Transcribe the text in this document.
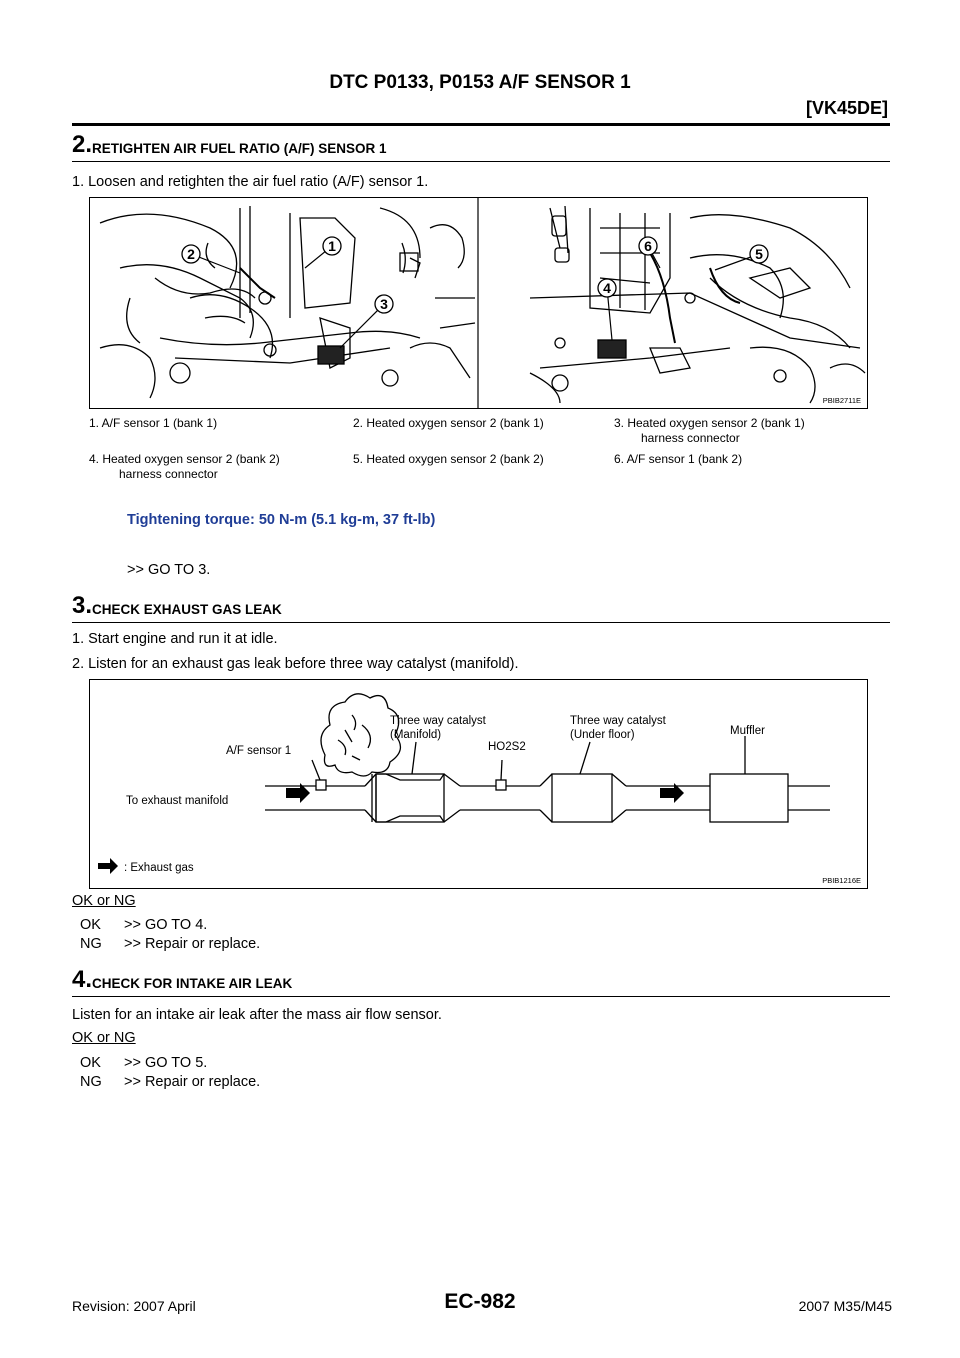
DTC P0133, P0153 A/F SENSOR 1
[VK45DE]
2. RETIGHTEN AIR FUEL RATIO (A/F) SENSOR 1
1. Loosen and retighten the air fuel ratio (A/F) sensor 1.
1
2
3
4
5
6
PBIB2711E
1. A/F sensor 1 (bank 1)	2. Heated oxygen sensor 2 (bank 1)	3. Heated oxygen sensor 2 (bank 1)
harness connector
4. Heated oxygen sensor 2 (bank 2)
harness connector
5. Heated oxygen sensor 2 (bank 2)	6. A/F sensor 1 (bank 2)
Tightening torque: 50 N-m (5.1 kg-m, 37 ft-lb)
>> GO TO 3.
3. CHECK EXHAUST GAS LEAK
1. Start engine and run it at idle.
2. Listen for an exhaust gas leak before three way catalyst (manifold).
A/F sensor 1
Three way catalyst
(Manifold)
HO2S2
Three way catalyst
(Under floor)	Muffler
To exhaust manifold
: Exhaust gas
PBIB1216E
OK or NG
OK >> GO TO 4.
NG >> Repair or replace.
4. CHECK FOR INTAKE AIR LEAK
Listen for an intake air leak after the mass air flow sensor.
OK or NG
OK >> GO TO 5.
NG >> Repair or replace.
Revision: 2007 April	EC-982	2007 M35/M45
